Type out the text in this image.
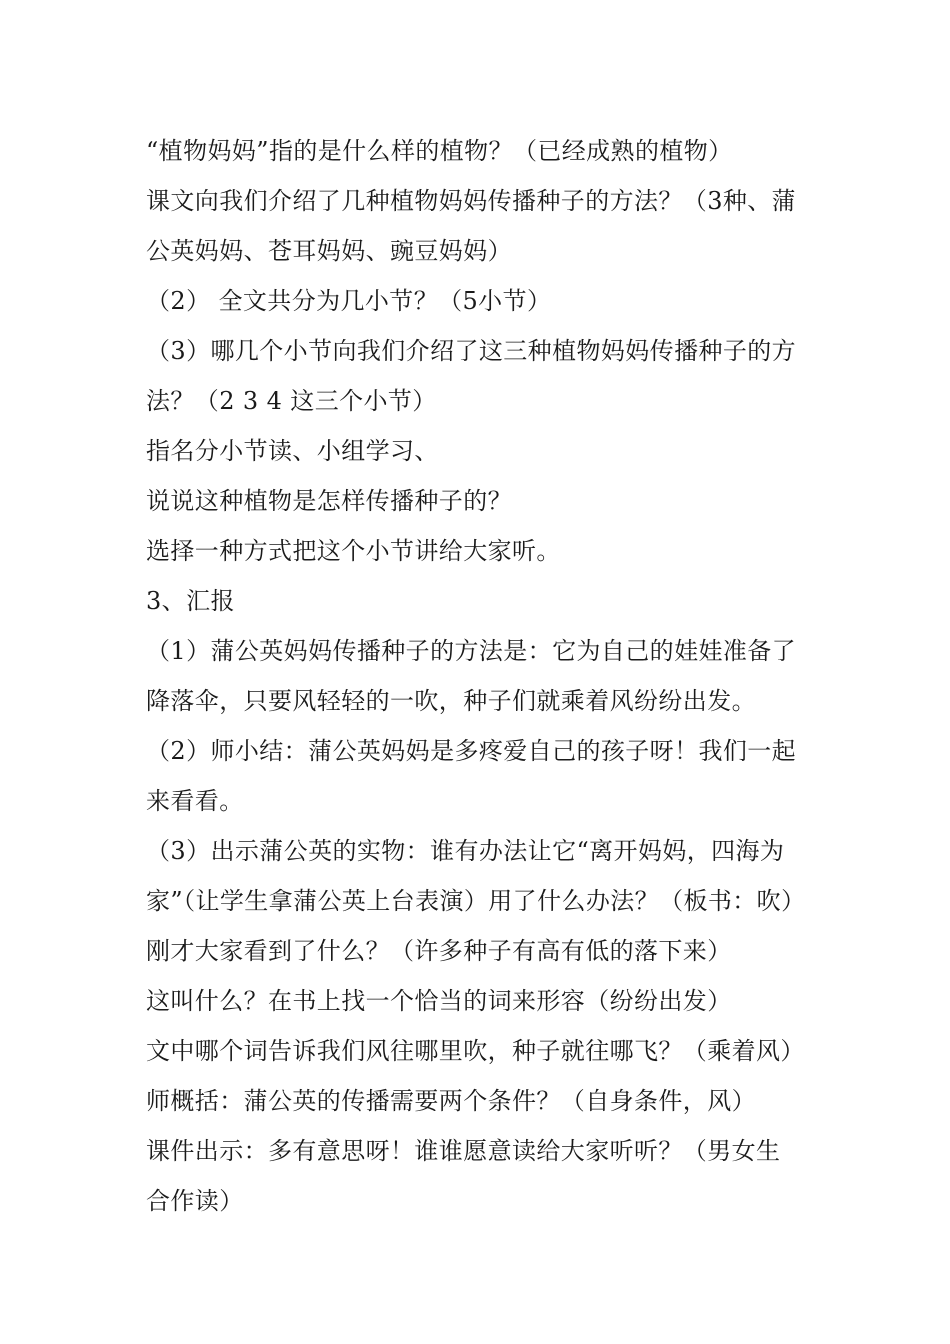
“植物妈妈”指的是什么样的植物？（已经成熟的植物）
课文向我们介绍了几种植物妈妈传播种子的方法？（3种、蒲
公英妈妈、苍耳妈妈、豌豆妈妈）
（2） 全文共分为几小节？（5小节）
（3）哪几个小节向我们介绍了这三种植物妈妈传播种子的方
法？（2 3 4 这三个小节）
指名分小节读、小组学习、
说说这种植物是怎样传播种子的？
选择一种方式把这个小节讲给大家听。
3、汇报
（1）蒲公英妈妈传播种子的方法是：它为自己的娃娃准备了
降落伞，只要风轻轻的一吹，种子们就乘着风纷纷出发。
（2）师小结：蒲公英妈妈是多疼爱自己的孩子呀！我们一起
来看看。
（3）出示蒲公英的实物：谁有办法让它“离开妈妈，四海为
家”（让学生拿蒲公英上台表演）用了什么办法？（板书：吹）
刚才大家看到了什么？（许多种子有高有低的落下来）
这叫什么？在书上找一个恰当的词来形容（纷纷出发）
文中哪个词告诉我们风往哪里吹，种子就往哪飞？（乘着风）
师概括：蒲公英的传播需要两个条件？（自身条件，风）
课件出示：多有意思呀！谁谁愿意读给大家听听？（男女生
合作读）
